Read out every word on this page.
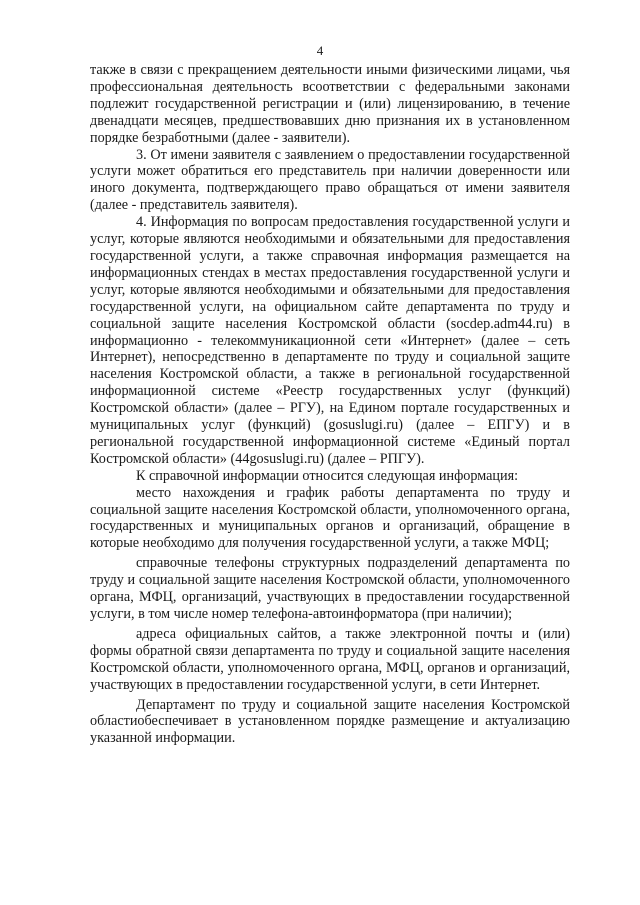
4

также в связи с прекращением деятельности иными физическими лицами, чья профессиональная деятельность всоответствии с федеральными законами подлежит государственной регистрации и (или) лицензированию, в течение двенадцати месяцев, предшествовавших дню признания их в установленном порядке безработными (далее - заявители).

3. От имени заявителя с заявлением о предоставлении государственной услуги может обратиться его представитель при наличии доверенности или иного документа, подтверждающего право обращаться от имени заявителя (далее - представитель заявителя).

4. Информация по вопросам предоставления государственной услуги и услуг, которые являются необходимыми и обязательными для предоставления государственной услуги, а также справочная информация размещается на информационных стендах в местах предоставления государственной услуги и услуг, которые являются необходимыми и обязательными для предоставления государственной услуги, на официальном сайте департамента по труду и социальной защите населения Костромской области (socdep.adm44.ru) в информационно - телекоммуникационной сети «Интернет» (далее – сеть Интернет), непосредственно в департаменте по труду и социальной защите населения Костромской области, а также в региональной государственной информационной системе «Реестр государственных услуг (функций) Костромской области» (далее – РГУ), на Едином портале государственных и муниципальных услуг (функций) (gosuslugi.ru) (далее – ЕПГУ) и в региональной государственной информационной системе «Единый портал Костромской области» (44gosuslugi.ru) (далее – РПГУ).

К справочной информации относится следующая информация:

место нахождения и график работы департамента по труду и социальной защите населения Костромской области, уполномоченного органа, государственных и муниципальных органов и организаций, обращение в которые необходимо для получения государственной услуги, а также МФЦ;

справочные телефоны структурных подразделений департамента по труду и социальной защите населения Костромской области, уполномоченного органа, МФЦ, организаций, участвующих в предоставлении государственной услуги, в том числе номер телефона-автоинформатора (при наличии);

адреса официальных сайтов, а также электронной почты и (или) формы обратной связи департамента по труду и социальной защите населения Костромской области, уполномоченного органа, МФЦ, органов и организаций, участвующих в предоставлении государственной услуги, в сети Интернет.

Департамент по труду и социальной защите населения Костромской областиобеспечивает в установленном порядке размещение и актуализацию указанной информации.
